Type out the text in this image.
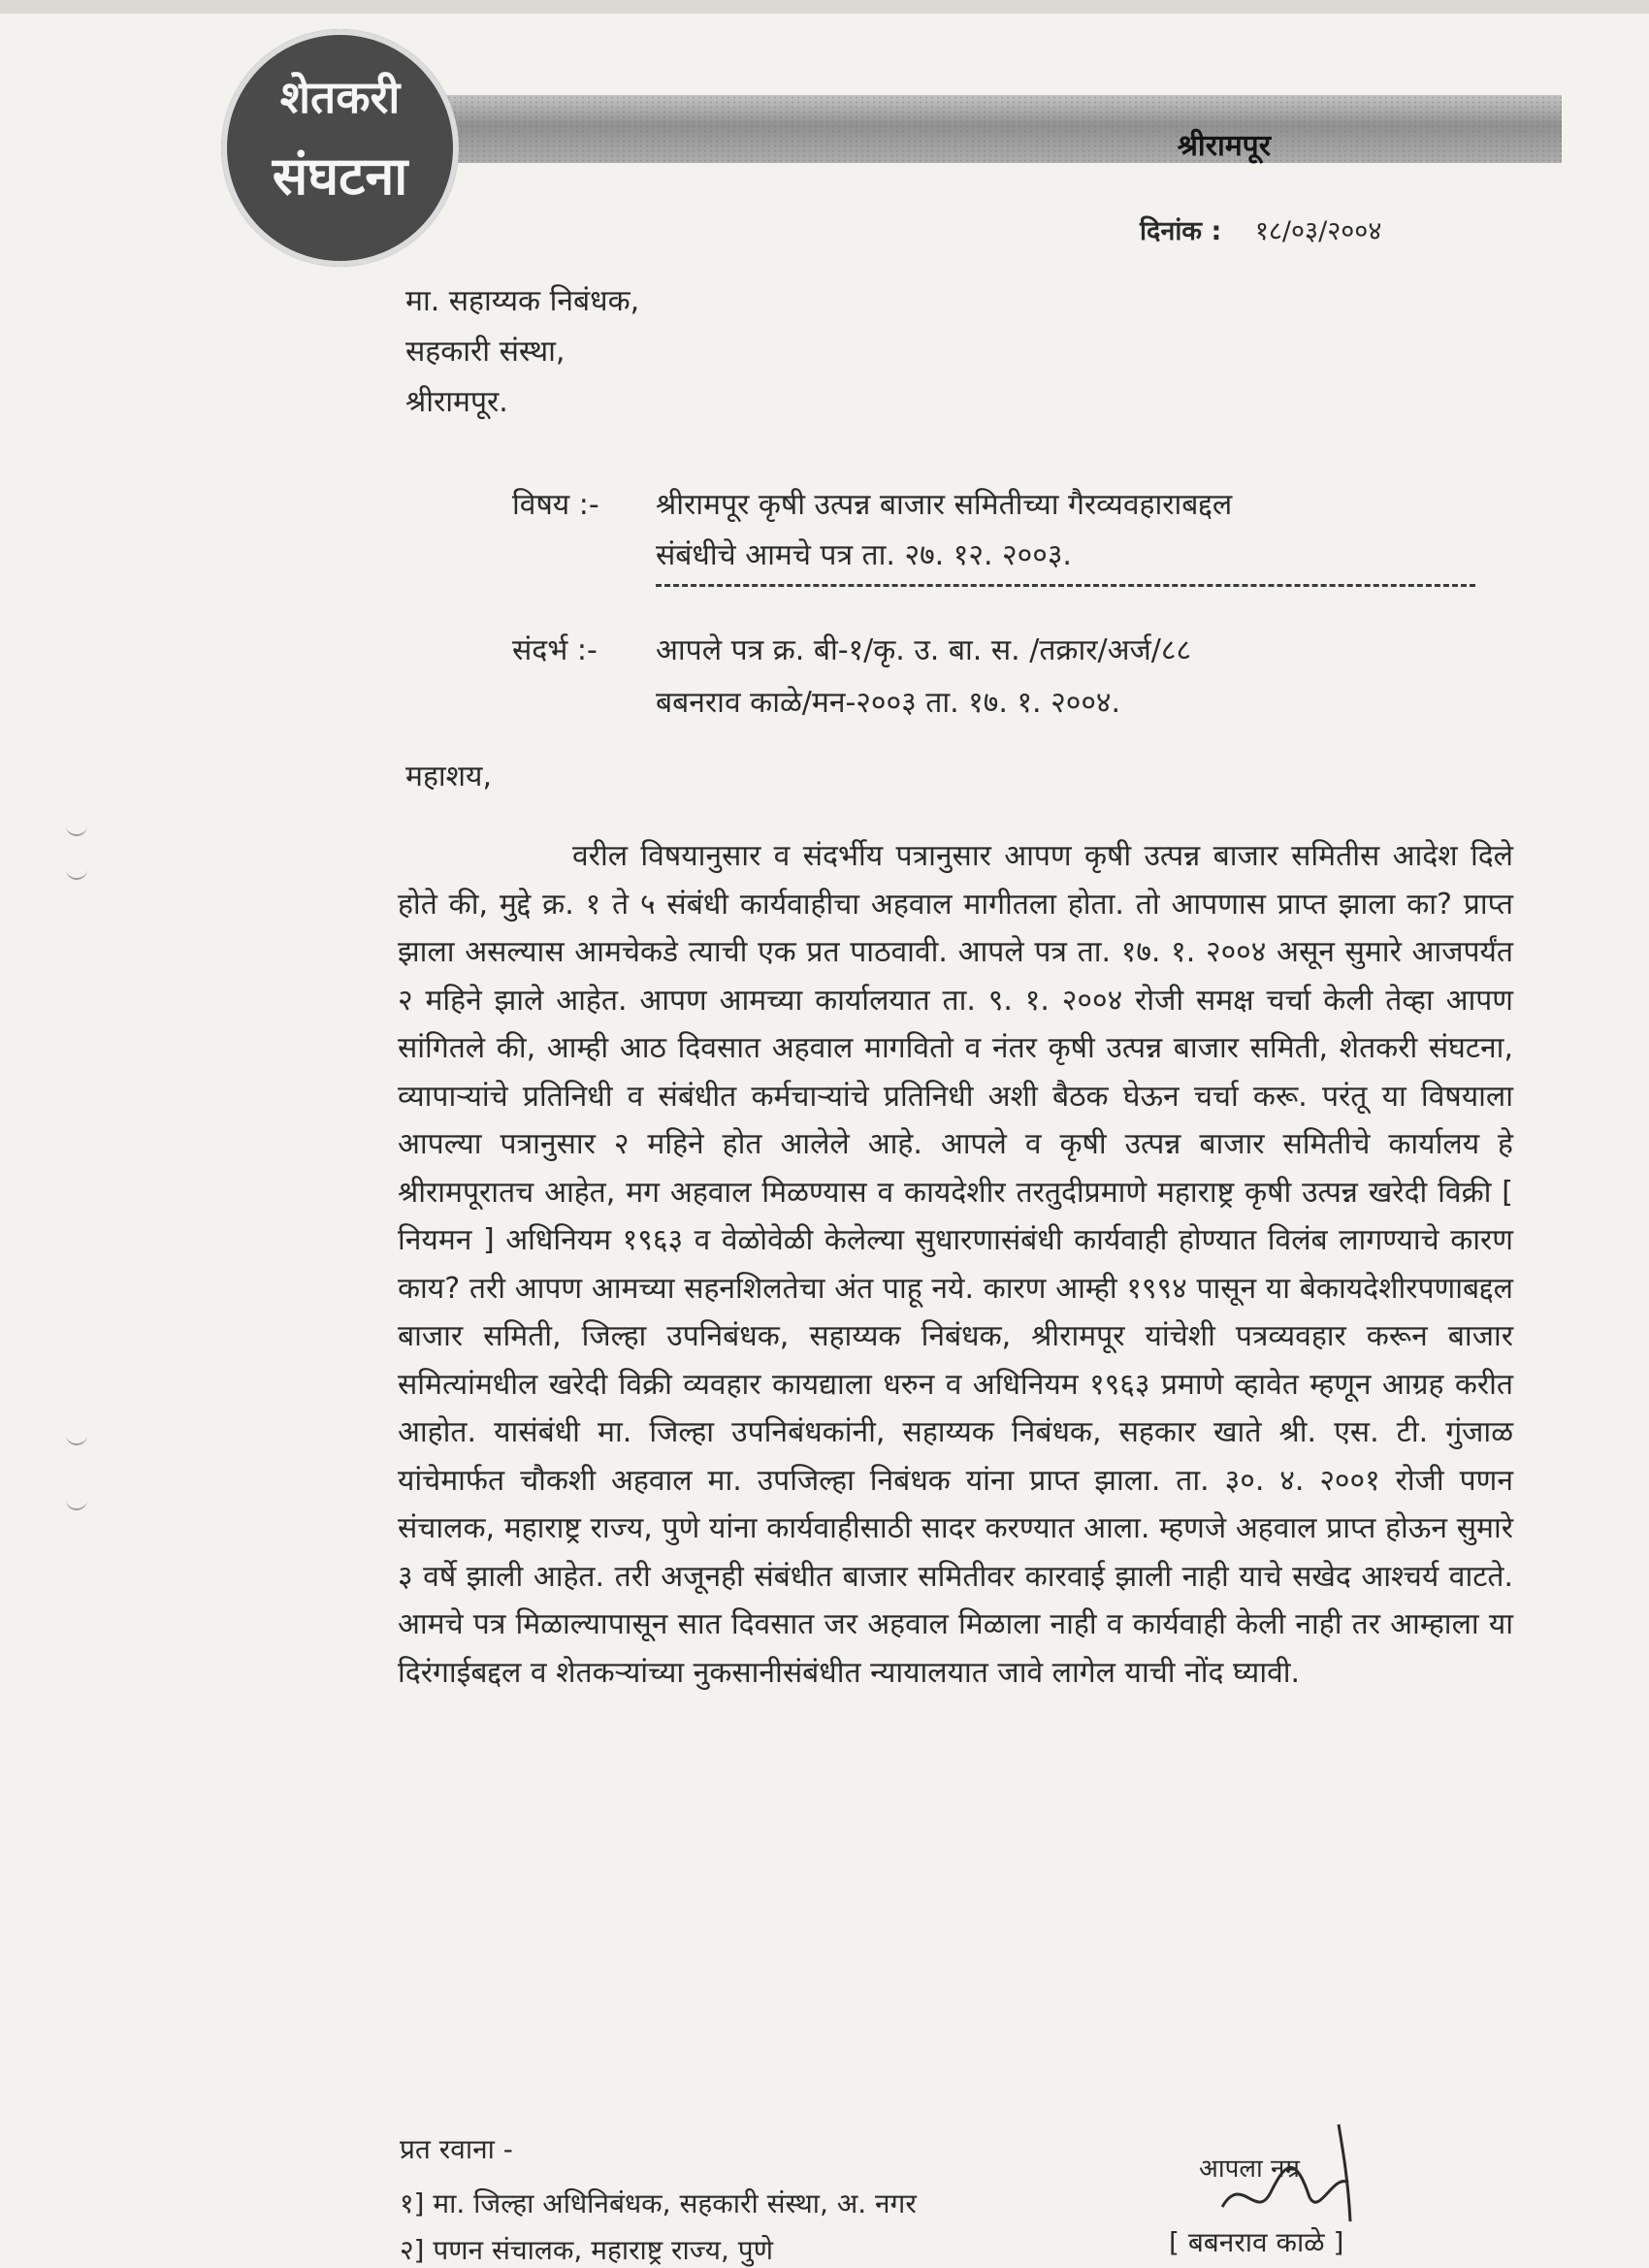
श्रीरामपूर
शेतकरी
संघटना
दिनांक : १८/०३/२००४
मा. सहाय्यक निबंधक,
सहकारी संस्था,
श्रीरामपूर.
विषय :- श्रीरामपूर कृषी उत्पन्न बाजार समितीच्या गैरव्यवहाराबद्दल
संबंधीचे आमचे पत्र ता. २७. १२. २००३.
संदर्भ :- आपले पत्र क्र. बी-१/कृ. उ. बा. स. /तक्रार/अर्ज/८८
बबनराव काळे/मन-२००३ ता. १७. १. २००४.
महाशय,

वरील विषयानुसार व संदर्भीय पत्रानुसार आपण कृषी उत्पन्न बाजार समितीस आदेश दिले होते की, मुद्दे क्र. १ ते ५ संबंधी कार्यवाहीचा अहवाल मागीतला होता. तो आपणास प्राप्त झाला का? प्राप्त झाला असल्यास आमचेकडे त्याची एक प्रत पाठवावी. आपले पत्र ता. १७. १. २००४ असून सुमारे आजपर्यंत २ महिने झाले आहेत. आपण आमच्या कार्यालयात ता. ९. १. २००४ रोजी समक्ष चर्चा केली तेव्हा आपण सांगितले की, आम्ही आठ दिवसात अहवाल मागवितो व नंतर कृषी उत्पन्न बाजार समिती, शेतकरी संघटना, व्यापाऱ्यांचे प्रतिनिधी व संबंधीत कर्मचाऱ्यांचे प्रतिनिधी अशी बैठक घेऊन चर्चा करू. परंतू या विषयाला आपल्या पत्रानुसार २ महिने होत आलेले आहे. आपले व कृषी उत्पन्न बाजार समितीचे कार्यालय हे श्रीरामपूरातच आहेत, मग अहवाल मिळण्यास व कायदेशीर तरतुदीप्रमाणे महाराष्ट्र कृषी उत्पन्न खरेदी विक्री [ नियमन ] अधिनियम १९६३ व वेळोवेळी केलेल्या सुधारणासंबंधी कार्यवाही होण्यात विलंब लागण्याचे कारण काय? तरी आपण आमच्या सहनशिलतेचा अंत पाहू नये. कारण आम्ही १९९४ पासून या बेकायदेशीरपणाबद्दल बाजार समिती, जिल्हा उपनिबंधक, सहाय्यक निबंधक, श्रीरामपूर यांचेशी पत्रव्यवहार करून बाजार समित्यांमधील खरेदी विक्री व्यवहार कायद्याला धरुन व अधिनियम १९६३ प्रमाणे व्हावेत म्हणून आग्रह करीत आहोत. यासंबंधी मा. जिल्हा उपनिबंधकांनी, सहाय्यक निबंधक, सहकार खाते श्री. एस. टी. गुंजाळ यांचेमार्फत चौकशी अहवाल मा. उपजिल्हा निबंधक यांना प्राप्त झाला. ता. ३०. ४. २००१ रोजी पणन संचालक, महाराष्ट्र राज्य, पुणे यांना कार्यवाहीसाठी सादर करण्यात आला. म्हणजे अहवाल प्राप्त होऊन सुमारे ३ वर्षे झाली आहेत. तरी अजूनही संबंधीत बाजार समितीवर कारवाई झाली नाही याचे सखेद आश्चर्य वाटते. आमचे पत्र मिळाल्यापासून सात दिवसात जर अहवाल मिळाला नाही व कार्यवाही केली नाही तर आम्हाला या दिरंगाईबद्दल व शेतकऱ्यांच्या नुकसानीसंबंधीत न्यायालयात जावे लागेल याची नोंद घ्यावी.

प्रत रवाना -
१] मा. जिल्हा अधिनिबंधक, सहकारी संस्था, अ. नगर
२] पणन संचालक, महाराष्ट्र राज्य, पुणे
आपला नम्र
[ बबनराव काळे ]
